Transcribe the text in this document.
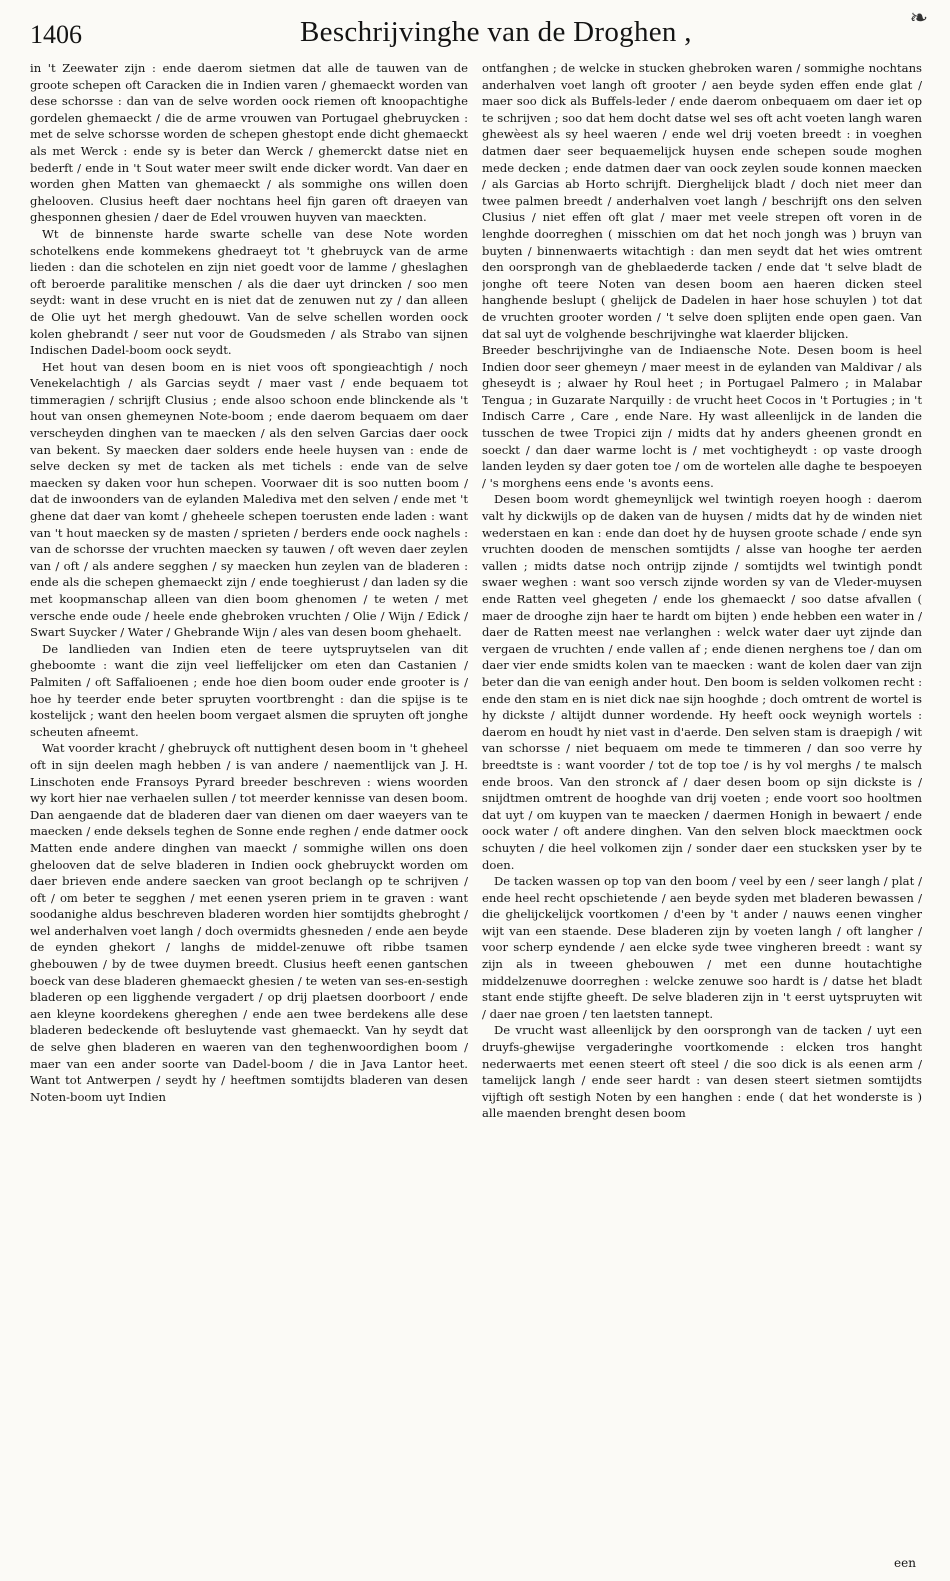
1406	Beschrijvinghe van de Droghen ,	❧

in 't Zeewater zijn : ende daerom sietmen dat alle de tauwen van de groote schepen oft Caracken die in Indien varen / ghemaeckt worden van dese schorsse : dan van de selve worden oock riemen oft knoopachtighe gordelen ghemaeckt / die de arme vrouwen van Portugael ghebruycken : met de selve schorsse worden de schepen ghestopt ende dicht ghemaeckt als met Werck : ende sy is beter dan Werck / ghemerckt datse niet en bederft / ende in 't Sout water meer swilt ende dicker wordt. Van daer en worden ghen Matten van ghemaeckt / als sommighe ons willen doen ghelooven. Clusius heeft daer nochtans heel fijn garen oft draeyen van ghesponnen ghesien / daer de Edel vrouwen huyven van maeckten.

Wt de binnenste harde swarte schelle van dese Note worden schotelkens ende kommekens ghedraeyt tot 't ghebruyck van de arme lieden : dan die schotelen en zijn niet goedt voor de lamme / gheslaghen oft beroerde paralitike menschen / als die daer uyt drincken / soo men seydt: want in dese vrucht en is niet dat de zenuwen nut zy / dan alleen de Olie uyt het mergh ghedouwt. Van de selve schellen worden oock kolen ghebrandt / seer nut voor de Goudsmeden / als Strabo van sijnen Indischen Dadel-boom oock seydt.

Het hout van desen boom en is niet voos oft spongieachtigh / noch Venekelachtigh / als Garcias seydt / maer vast / ende bequaem tot timmeragien / schrijft Clusius ; ende alsoo schoon ende blinckende als 't hout van onsen ghemeynen Note-boom ; ende daerom bequaem om daer verscheyden dinghen van te maecken / als den selven Garcias daer oock van bekent. Sy maecken daer solders ende heele huysen van : ende de selve decken sy met de tacken als met tichels : ende van de selve maecken sy daken voor hun schepen. Voorwaer dit is soo nutten boom / dat de inwoonders van de eylanden Malediva met den selven / ende met 't ghene dat daer van komt / gheheele schepen toerusten ende laden : want van 't hout maecken sy de masten / sprieten / berders ende oock naghels : van de schorsse der vruchten maecken sy tauwen / oft weven daer zeylen van / oft / als andere segghen / sy maecken hun zeylen van de bladeren : ende als die schepen ghemaeckt zijn / ende toeghierust / dan laden sy die met koopmanschap alleen van dien boom ghenomen / te weten / met versche ende oude / heele ende ghebroken vruchten / Olie / Wijn / Edick / Swart Suycker / Water / Ghebrande Wijn / ales van desen boom ghehaelt.

De landlieden van Indien eten de teere uytspruytselen van dit gheboomte : want die zijn veel lieffelijcker om eten dan Castanien / Palmiten / oft Saffalioenen ; ende hoe dien boom ouder ende grooter is / hoe hy teerder ende beter spruyten voortbrenght : dan die spijse is te kostelijck ; want den heelen boom vergaet alsmen die spruyten oft jonghe scheuten afneemt.

Wat voorder kracht / ghebruyck oft nuttighent desen boom in 't gheheel oft in sijn deelen magh hebben / is van andere / naementlijck van J. H. Linschoten ende Fransoys Pyrard breeder beschreven : wiens woorden wy kort hier nae verhaelen sullen / tot meerder kennisse van desen boom. Dan aengaende dat de bladeren daer van dienen om daer waeyers van te maecken / ende deksels teghen de Sonne ende reghen / ende datmer oock Matten ende andere dinghen van maeckt / sommighe willen ons doen ghelooven dat de selve bladeren in Indien oock ghebruyckt worden om daer brieven ende andere saecken van groot beclangh op te schrijven / oft / om beter te segghen / met eenen yseren priem in te graven : want soodanighe aldus beschreven bladeren worden hier somtijdts ghebroght / wel anderhalven voet langh / doch overmidts ghesneden / ende aen beyde de eynden ghekort / langhs de middel-zenuwe oft ribbe tsamen ghebouwen / by de twee duymen breedt. Clusius heeft eenen gantschen boeck van dese bladeren ghemaeckt ghesien / te weten van ses-en-sestigh bladeren op een ligghende vergadert / op drij plaetsen doorboort / ende aen kleyne koordekens ghereghen / ende aen twee berdekens alle dese bladeren bedeckende oft besluytende vast ghemaeckt. Van hy seydt dat de selve ghen bladeren en waeren van den teghenwoordighen boom / maer van een ander soorte van Dadel-boom / die in Java Lantor heet. Want tot Antwerpen / seydt hy / heeftmen somtijdts bladeren van desen Noten-boom uyt Indien

ontfanghen ; de welcke in stucken ghebroken waren / sommighe nochtans anderhalven voet langh oft grooter / aen beyde syden effen ende glat / maer soo dick als Buffels-leder / ende daerom onbequaem om daer iet op te schrijven ; soo dat hem docht datse wel ses oft acht voeten langh waren ghewèest als sy heel waeren / ende wel drij voeten breedt : in voeghen datmen daer seer bequaemelijck huysen ende schepen soude moghen mede decken ; ende datmen daer van oock zeylen soude konnen maecken / als Garcias ab Horto schrijft. Dierghelijck bladt / doch niet meer dan twee palmen breedt / anderhalven voet langh / beschrijft ons den selven Clusius / niet effen oft glat / maer met veele strepen oft voren in de lenghde doorreghen ( misschien om dat het noch jongh was ) bruyn van buyten / binnenwaerts witachtigh : dan men seydt dat het wies omtrent den oorsprongh van de gheblaederde tacken / ende dat 't selve bladt de jonghe oft teere Noten van desen boom aen haeren dicken steel hanghende beslupt ( ghelijck de Dadelen in haer hose schuylen ) tot dat de vruchten grooter worden / 't selve doen splijten ende open gaen. Van dat sal uyt de volghende beschrijvinghe wat klaerder blijcken.

Breeder beschrijvinghe van de Indiaensche Note. Desen boom is heel Indien door seer ghemeyn / maer meest in de eylanden van Maldivar / als gheseydt is ; alwaer hy Roul heet ; in Portugael Palmero ; in Malabar Tengua ; in Guzarate Narquilly : de vrucht heet Cocos in 't Portugies ; in 't Indisch Carre , Care , ende Nare. Hy wast alleenlijck in de landen die tusschen de twee Tropici zijn / midts dat hy anders gheenen grondt en soeckt / dan daer warme locht is / met vochtigheydt : op vaste droogh landen leyden sy daer goten toe / om de wortelen alle daghe te bespoeyen / 's morghens eens ende 's avonts eens.

Desen boom wordt ghemeynlijck wel twintigh roeyen hoogh : daerom valt hy dickwijls op de daken van de huysen / midts dat hy de winden niet wederstaen en kan : ende dan doet hy de huysen groote schade / ende syn vruchten dooden de menschen somtijdts / alsse van hooghe ter aerden vallen ; midts datse noch ontrijp zijnde / somtijdts wel twintigh pondt swaer weghen : want soo versch zijnde worden sy van de Vleder-muysen ende Ratten veel ghegeten / ende los ghemaeckt / soo datse afvallen ( maer de drooghe zijn haer te hardt om bijten ) ende hebben een water in / daer de Ratten meest nae verlanghen : welck water daer uyt zijnde dan vergaen de vruchten / ende vallen af ; ende dienen nerghens toe / dan om daer vier ende smidts kolen van te maecken : want de kolen daer van zijn beter dan die van eenigh ander hout. Den boom is selden volkomen recht : ende den stam en is niet dick nae sijn hooghde ; doch omtrent de wortel is hy dickste / altijdt dunner wordende. Hy heeft oock weynigh wortels : daerom en houdt hy niet vast in d'aerde. Den selven stam is draepigh / wit van schorsse / niet bequaem om mede te timmeren / dan soo verre hy breedtste is : want voorder / tot de top toe / is hy vol merghs / te malsch ende broos. Van den stronck af / daer desen boom op sijn dickste is / snijdtmen omtrent de hooghde van drij voeten ; ende voort soo hooltmen dat uyt / om kuypen van te maecken / daermen Honigh in bewaert / ende oock water / oft andere dinghen. Van den selven block maecktmen oock schuyten / die heel volkomen zijn / sonder daer een stucksken yser by te doen.

De tacken wassen op top van den boom / veel by een / seer langh / plat / ende heel recht opschietende / aen beyde syden met bladeren bewassen / die ghelijckelijck voortkomen / d'een by 't ander / nauws eenen vingher wijt van een staende. Dese bladeren zijn by voeten langh / oft langher / voor scherp eyndende / aen elcke syde twee vingheren breedt : want sy zijn als in tweeen ghebouwen / met een dunne houtachtighe middelzenuwe doorreghen : welcke zenuwe soo hardt is / datse het bladt stant ende stijfte gheeft. De selve bladeren zijn in 't eerst uytspruyten wit / daer nae groen / ten laetsten tannept.

De vrucht wast alleenlijck by den oorsprongh van de tacken / uyt een druyfs-ghewijse vergaderinghe voortkomende : elcken tros hanght nederwaerts met eenen steert oft steel / die soo dick is als eenen arm / tamelijck langh / ende seer hardt : van desen steert sietmen somtijdts vijftigh oft sestigh Noten by een hanghen : ende ( dat het wonderste is ) alle maenden brenght desen boom

een
